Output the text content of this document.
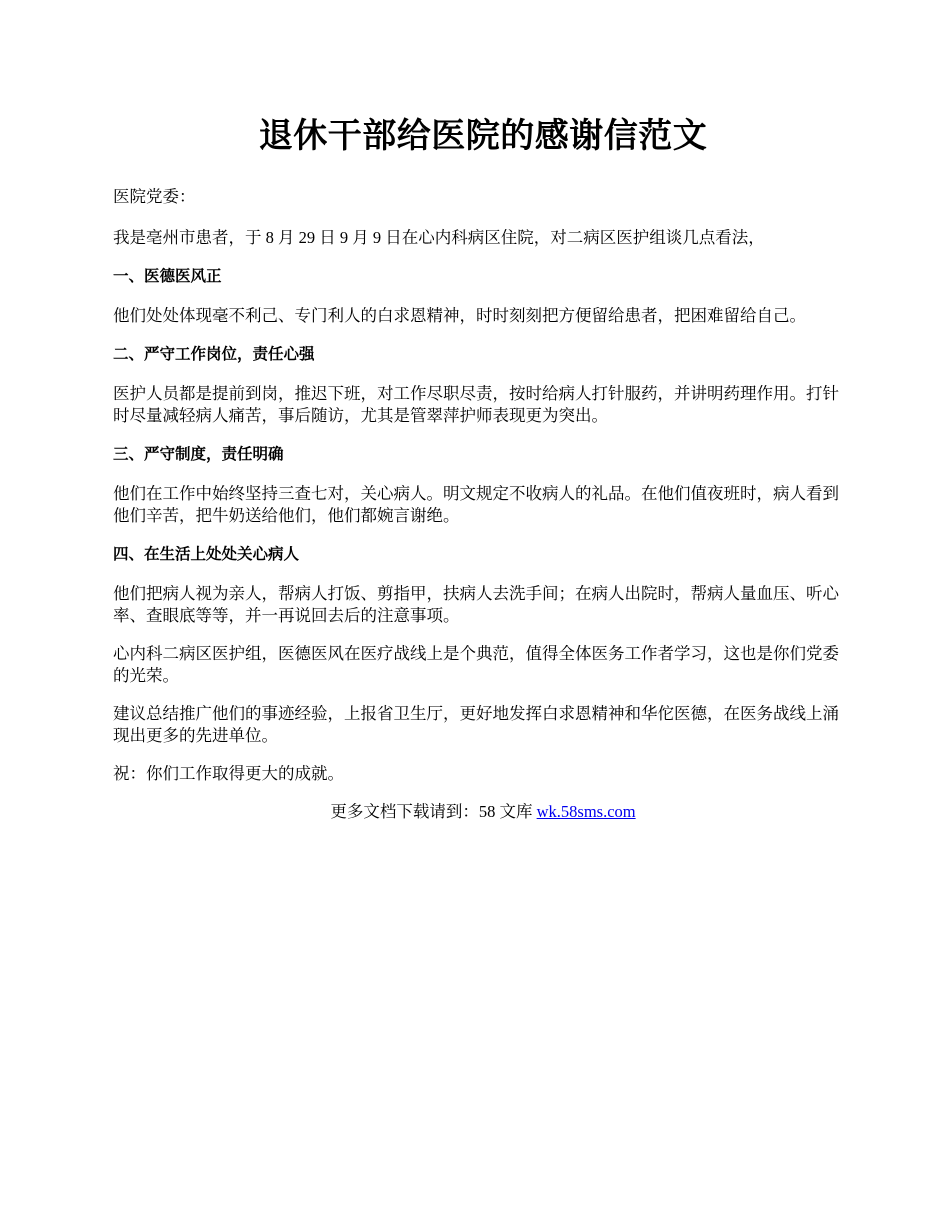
退休干部给医院的感谢信范文

医院党委：

我是亳州市患者，于 8 月 29 日 9 月 9 日在心内科病区住院，对二病区医护组谈几点看法，

一、医德医风正

他们处处体现毫不利己、专门利人的白求恩精神，时时刻刻把方便留给患者，把困难留给自己。

二、严守工作岗位，责任心强

医护人员都是提前到岗，推迟下班，对工作尽职尽责，按时给病人打针服药，并讲明药理作用。打针时尽量减轻病人痛苦，事后随访，尤其是管翠萍护师表现更为突出。

三、严守制度，责任明确

他们在工作中始终坚持三查七对，关心病人。明文规定不收病人的礼品。在他们值夜班时，病人看到他们辛苦，把牛奶送给他们，他们都婉言谢绝。

四、在生活上处处关心病人

他们把病人视为亲人，帮病人打饭、剪指甲，扶病人去洗手间；在病人出院时，帮病人量血压、听心率、查眼底等等，并一再说回去后的注意事项。

心内科二病区医护组，医德医风在医疗战线上是个典范，值得全体医务工作者学习，这也是你们党委的光荣。

建议总结推广他们的事迹经验，上报省卫生厅，更好地发挥白求恩精神和华佗医德，在医务战线上涌现出更多的先进单位。

祝：你们工作取得更大的成就。

更多文档下载请到：58 文库 wk.58sms.com
